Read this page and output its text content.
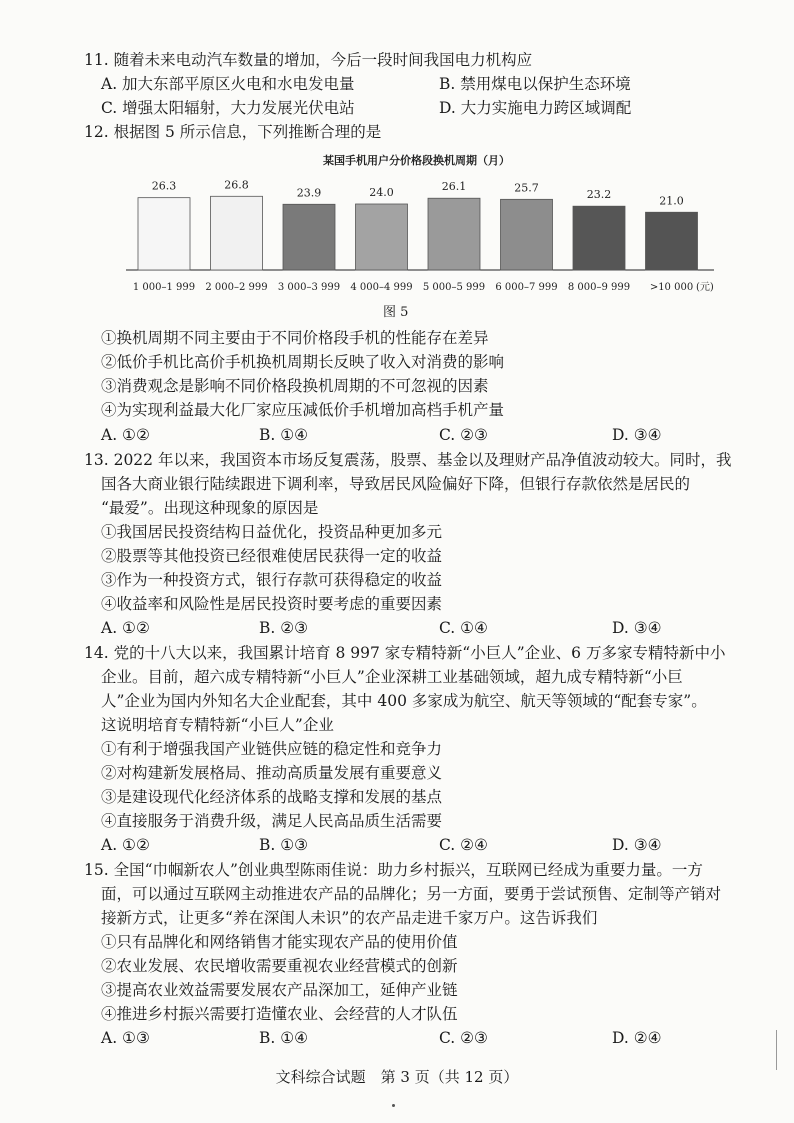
11. 随着未来电动汽车数量的增加，今后一段时间我国电力机构应
A. 加大东部平原区火电和水电发电量	B. 禁用煤电以保护生态环境
C. 增强太阳辐射，大力发展光伏电站	D. 大力实施电力跨区域调配
12. 根据图 5 所示信息，下列推断合理的是
某国手机用户分价格段换机周期（月）
26.3
1 000–1 999
26.8
2 000–2 999
23.9
3 000–3 999
24.0
4 000–4 999
26.1
5 000–5 999
25.7
6 000–7 999
23.2
8 000–9 999
21.0
>10 000 (元)
图 5
①换机周期不同主要由于不同价格段手机的性能存在差异
②低价手机比高价手机换机周期长反映了收入对消费的影响
③消费观念是影响不同价格段换机周期的不可忽视的因素
④为实现利益最大化厂家应压减低价手机增加高档手机产量
A. ①②	B. ①④	C. ②③	D. ③④
13. 2022 年以来，我国资本市场反复震荡，股票、基金以及理财产品净值波动较大。同时，我
国各大商业银行陆续跟进下调利率，导致居民风险偏好下降，但银行存款依然是居民的
“最爱”。出现这种现象的原因是
①我国居民投资结构日益优化，投资品种更加多元
②股票等其他投资已经很难使居民获得一定的收益
③作为一种投资方式，银行存款可获得稳定的收益
④收益率和风险性是居民投资时要考虑的重要因素
A. ①②	B. ②③	C. ①④	D. ③④
14. 党的十八大以来，我国累计培育 8 997 家专精特新“小巨人”企业、6 万多家专精特新中小
企业。目前，超六成专精特新“小巨人”企业深耕工业基础领域，超九成专精特新“小巨
人”企业为国内外知名大企业配套，其中 400 多家成为航空、航天等领域的“配套专家”。
这说明培育专精特新“小巨人”企业
①有利于增强我国产业链供应链的稳定性和竞争力
②对构建新发展格局、推动高质量发展有重要意义
③是建设现代化经济体系的战略支撑和发展的基点
④直接服务于消费升级，满足人民高品质生活需要
A. ①②	B. ①③	C. ②④	D. ③④
15. 全国“巾帼新农人”创业典型陈雨佳说：助力乡村振兴，互联网已经成为重要力量。一方
面，可以通过互联网主动推进农产品的品牌化；另一方面，要勇于尝试预售、定制等产销对
接新方式，让更多“养在深闺人未识”的农产品走进千家万户。这告诉我们
①只有品牌化和网络销售才能实现农产品的使用价值
②农业发展、农民增收需要重视农业经营模式的创新
③提高农业效益需要发展农产品深加工，延伸产业链
④推进乡村振兴需要打造懂农业、会经营的人才队伍
A. ①③	B. ①④	C. ②③	D. ②④
文科综合试题　第 3 页（共 12 页）
